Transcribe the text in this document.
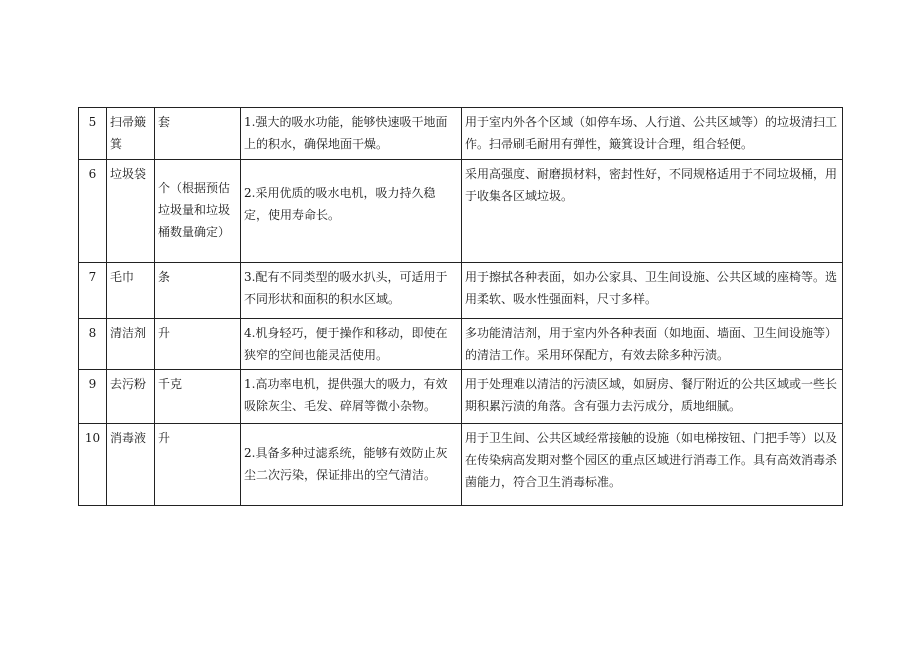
5	扫帚簸箕	套	1.强大的吸水功能，能够快速吸干地面上的积水，确保地面干燥。	用于室内外各个区域（如停车场、人行道、公共区域等）的垃圾清扫工作。扫帚刷毛耐用有弹性，簸箕设计合理，组合轻便。
6	垃圾袋	个（根据预估垃圾量和垃圾桶数量确定）	2.采用优质的吸水电机，吸力持久稳定，使用寿命长。	采用高强度、耐磨损材料，密封性好，不同规格适用于不同垃圾桶，用于收集各区域垃圾。
7	毛巾	条	3.配有不同类型的吸水扒头，可适用于不同形状和面积的积水区域。	用于擦拭各种表面，如办公家具、卫生间设施、公共区域的座椅等。选用柔软、吸水性强面料，尺寸多样。
8	清洁剂	升	4.机身轻巧，便于操作和移动，即使在狭窄的空间也能灵活使用。	多功能清洁剂，用于室内外各种表面（如地面、墙面、卫生间设施等）的清洁工作。采用环保配方，有效去除多种污渍。
9	去污粉	千克	1.高功率电机，提供强大的吸力，有效吸除灰尘、毛发、碎屑等微小杂物。	用于处理难以清洁的污渍区域，如厨房、餐厅附近的公共区域或一些长期积累污渍的角落。含有强力去污成分，质地细腻。
10	消毒液	升	2.具备多种过滤系统，能够有效防止灰尘二次污染，保证排出的空气清洁。	用于卫生间、公共区域经常接触的设施（如电梯按钮、门把手等）以及在传染病高发期对整个园区的重点区域进行消毒工作。具有高效消毒杀菌能力，符合卫生消毒标准。
